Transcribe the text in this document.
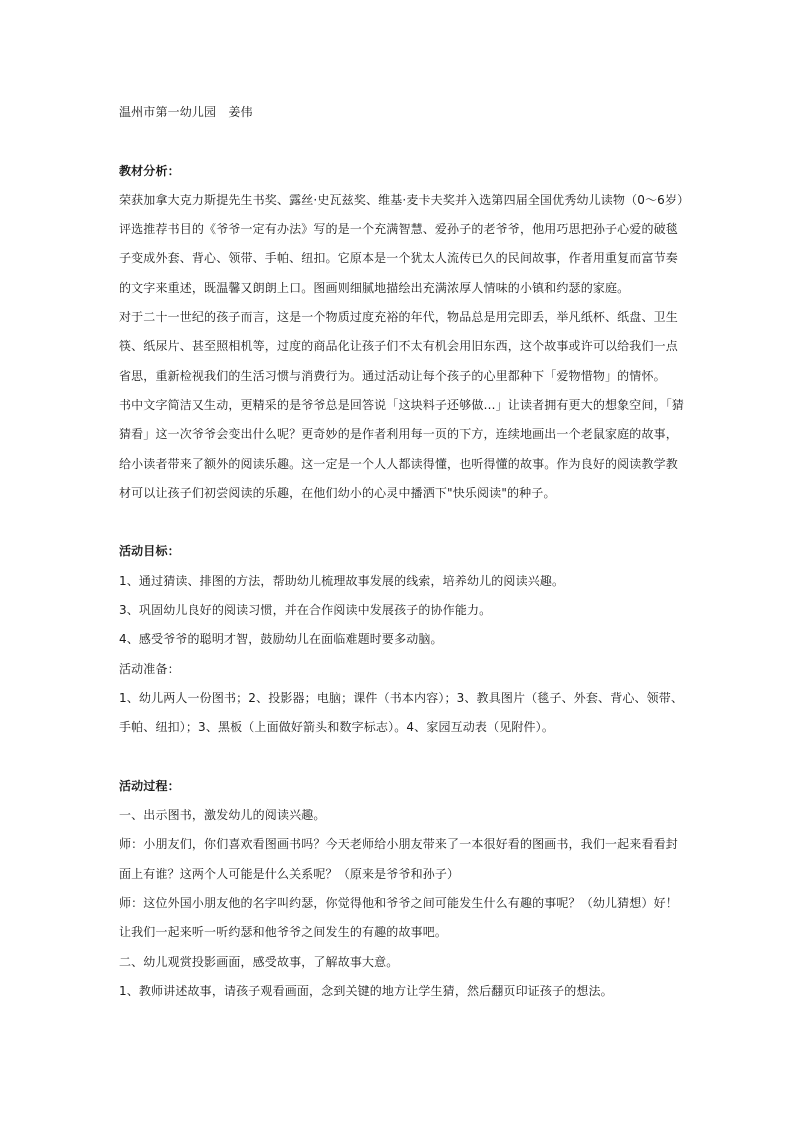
温州市第一幼儿园　姜伟
教材分析：
荣获加拿大克力斯提先生书奖、露丝·史瓦兹奖、维基·麦卡夫奖并入选第四届全国优秀幼儿读物（0～6岁）
评选推荐书目的《爷爷一定有办法》写的是一个充满智慧、爱孙子的老爷爷，他用巧思把孙子心爱的破毯
子变成外套、背心、领带、手帕、纽扣。它原本是一个犹太人流传已久的民间故事，作者用重复而富节奏
的文字来重述，既温馨又朗朗上口。图画则细腻地描绘出充满浓厚人情味的小镇和约瑟的家庭。
对于二十一世纪的孩子而言，这是一个物质过度充裕的年代，物品总是用完即丢，举凡纸杯、纸盘、卫生
筷、纸尿片、甚至照相机等，过度的商品化让孩子们不太有机会用旧东西，这个故事或许可以给我们一点
省思，重新检视我们的生活习惯与消费行为。通过活动让每个孩子的心里都种下「爱物惜物」的情怀。
书中文字简洁又生动，更精采的是爷爷总是回答说「这块料子还够做…」让读者拥有更大的想象空间，「猜
猜看」这一次爷爷会变出什么呢？更奇妙的是作者利用每一页的下方，连续地画出一个老鼠家庭的故事，
给小读者带来了额外的阅读乐趣。这一定是一个人人都读得懂，也听得懂的故事。作为良好的阅读教学教
材可以让孩子们初尝阅读的乐趣，在他们幼小的心灵中播洒下"快乐阅读"的种子。
活动目标：
1、通过猜读、排图的方法，帮助幼儿梳理故事发展的线索，培养幼儿的阅读兴趣。
3、巩固幼儿良好的阅读习惯，并在合作阅读中发展孩子的协作能力。
4、感受爷爷的聪明才智，鼓励幼儿在面临难题时要多动脑。
活动准备：
1、幼儿两人一份图书；2、投影器；电脑；课件（书本内容）；3、教具图片（毯子、外套、背心、领带、
手帕、纽扣）；3、黑板（上面做好箭头和数字标志）。4、家园互动表（见附件）。
活动过程：
一、出示图书，激发幼儿的阅读兴趣。
师：小朋友们，你们喜欢看图画书吗？今天老师给小朋友带来了一本很好看的图画书，我们一起来看看封
面上有谁？这两个人可能是什么关系呢？（原来是爷爷和孙子）
师：这位外国小朋友他的名字叫约瑟，你觉得他和爷爷之间可能发生什么有趣的事呢？（幼儿猜想）好！
让我们一起来听一听约瑟和他爷爷之间发生的有趣的故事吧。
二、幼儿观赏投影画面，感受故事，了解故事大意。
1、教师讲述故事，请孩子观看画面，念到关键的地方让学生猜，然后翻页印证孩子的想法。
